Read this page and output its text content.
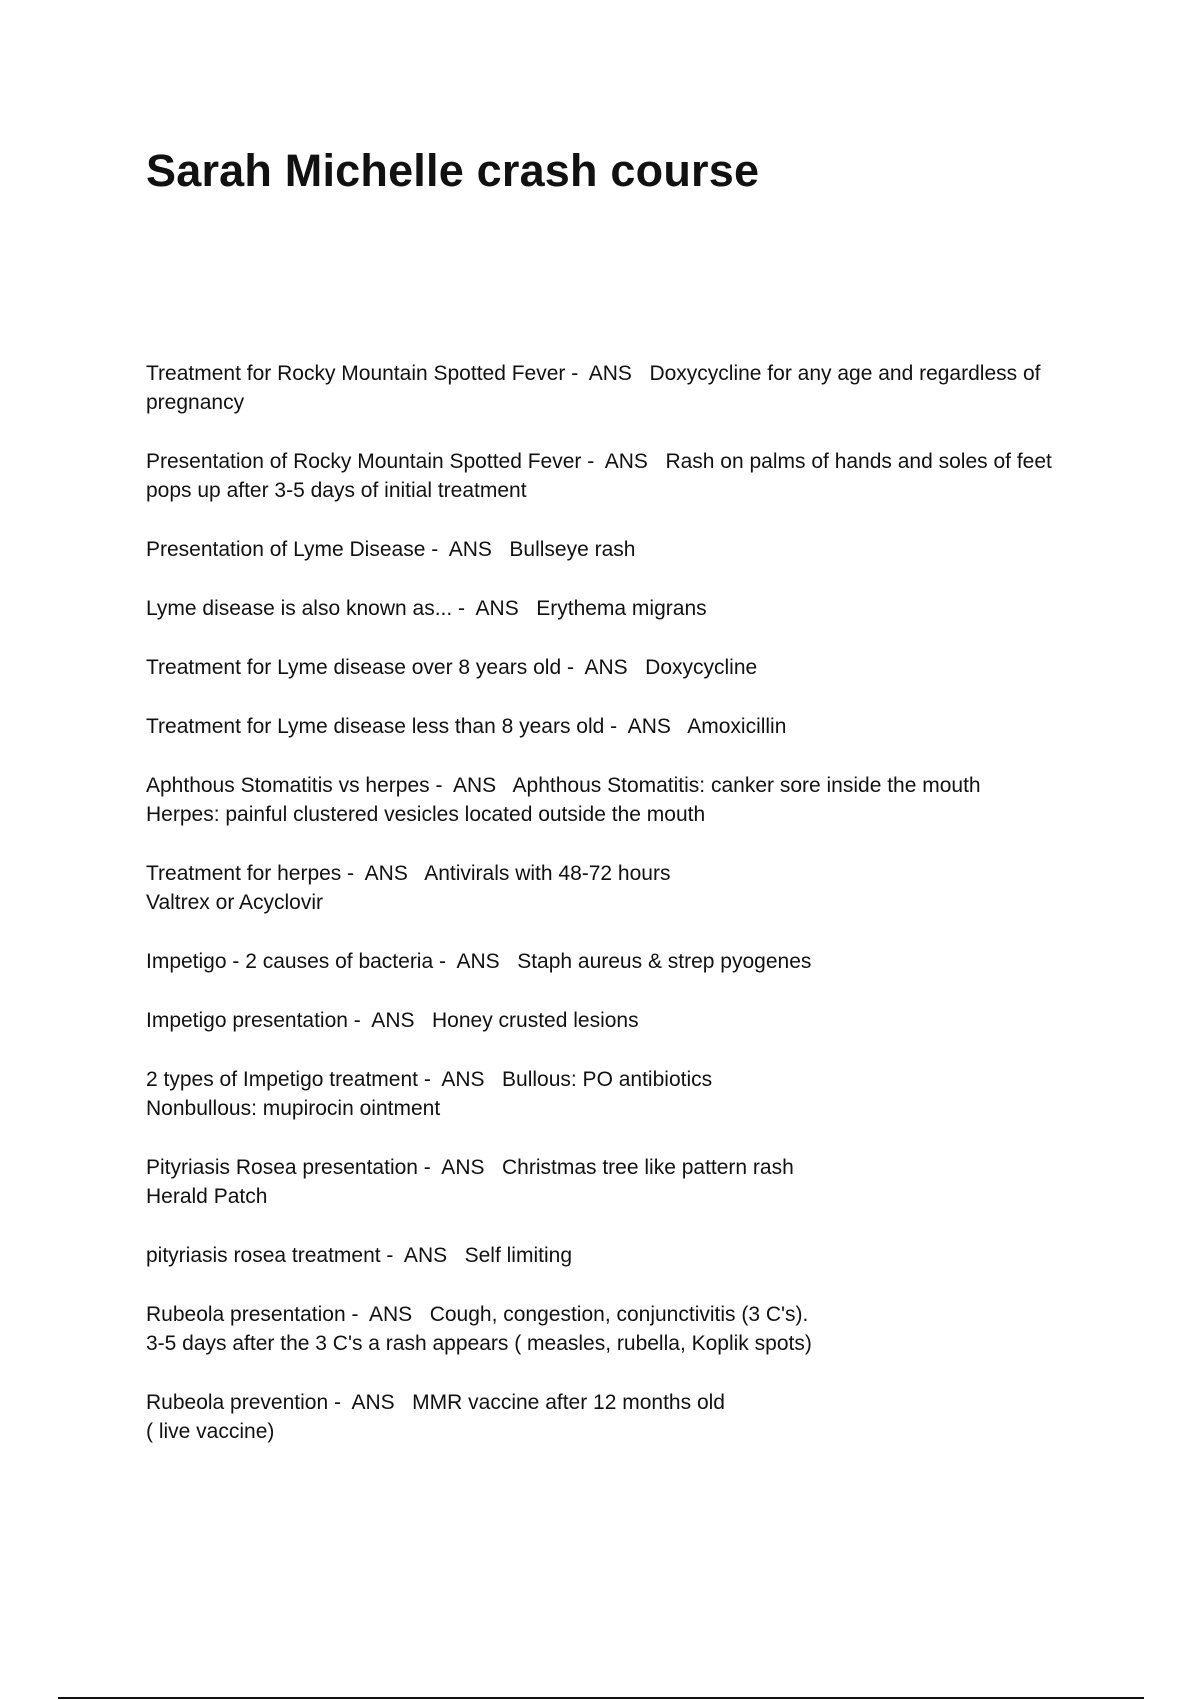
Sarah Michelle crash course
Treatment for Rocky Mountain Spotted Fever -  ANS   Doxycycline for any age and regardless of pregnancy
Presentation of Rocky Mountain Spotted Fever -  ANS   Rash on palms of hands and soles of feet pops up after 3-5 days of initial treatment
Presentation of Lyme Disease -  ANS   Bullseye rash
Lyme disease is also known as... -  ANS   Erythema migrans
Treatment for Lyme disease over 8 years old -  ANS   Doxycycline
Treatment for Lyme disease less than 8 years old -  ANS   Amoxicillin
Aphthous Stomatitis vs herpes -  ANS   Aphthous Stomatitis: canker sore inside the mouth
Herpes: painful clustered vesicles located outside the mouth
Treatment for herpes -  ANS   Antivirals with 48-72 hours
Valtrex or Acyclovir
Impetigo - 2 causes of bacteria -  ANS   Staph aureus & strep pyogenes
Impetigo presentation -  ANS   Honey crusted lesions
2 types of Impetigo treatment -  ANS   Bullous: PO antibiotics
Nonbullous: mupirocin ointment
Pityriasis Rosea presentation -  ANS   Christmas tree like pattern rash
Herald Patch
pityriasis rosea treatment -  ANS   Self limiting
Rubeola presentation -  ANS   Cough, congestion, conjunctivitis (3 C's).
3-5 days after the 3 C's a rash appears ( measles, rubella, Koplik spots)
Rubeola prevention -  ANS   MMR vaccine after 12 months old
( live vaccine)
